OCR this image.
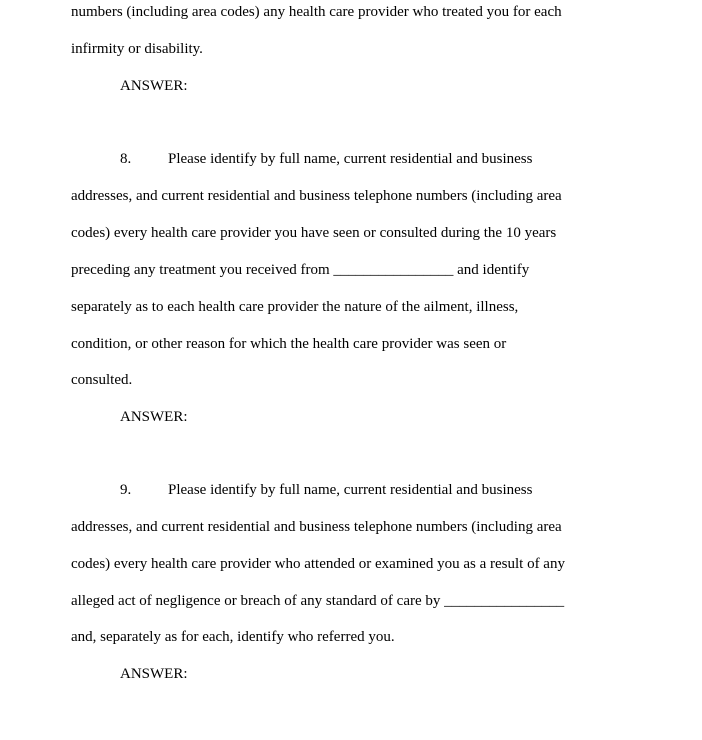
numbers (including area codes) any health care provider who treated you for each
infirmity or disability.
ANSWER:
8. Please identify by full name, current residential and business
addresses, and current residential and business telephone numbers (including area
codes) every health care provider you have seen or consulted during the 10 years
preceding any treatment you received from ________________ and identify
separately as to each health care provider the nature of the ailment, illness,
condition, or other reason for which the health care provider was seen or
consulted.
ANSWER:
9. Please identify by full name, current residential and business
addresses, and current residential and business telephone numbers (including area
codes) every health care provider who attended or examined you as a result of any
alleged act of negligence or breach of any standard of care by ________________
and, separately as for each, identify who referred you.
ANSWER:
